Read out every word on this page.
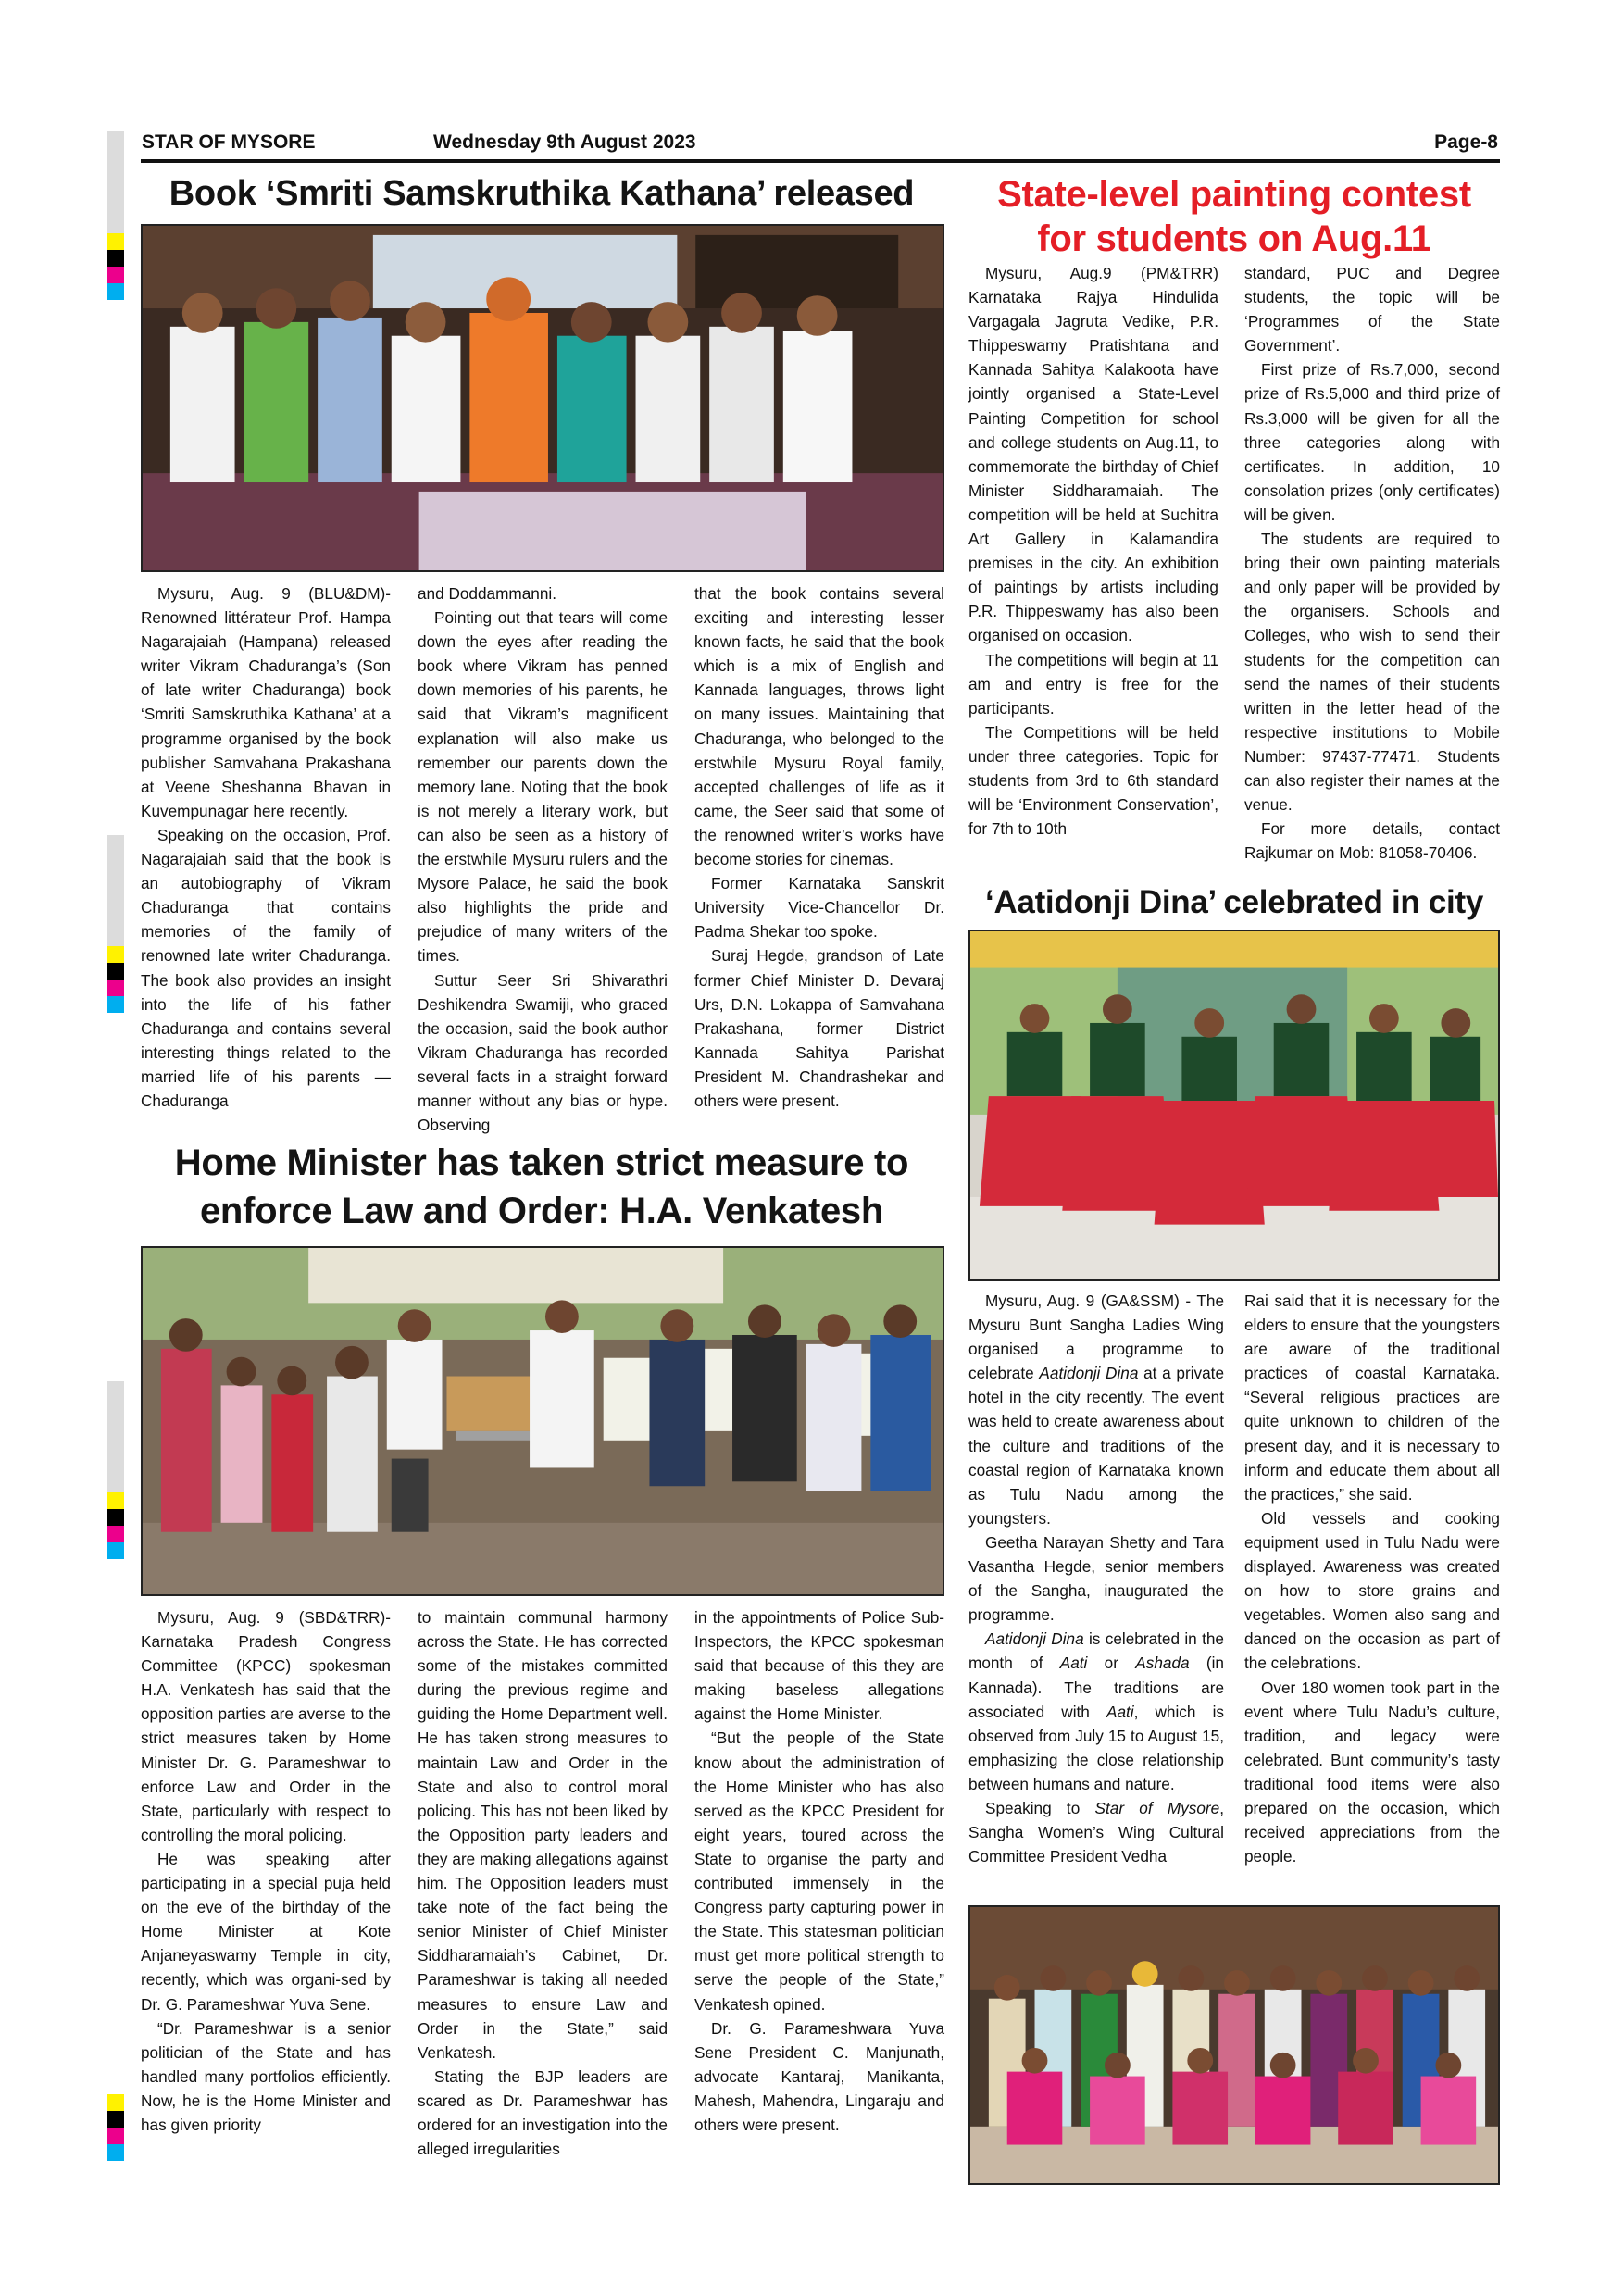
STAR OF MYSORE	Wednesday 9th August 2023	Page-8
Book ‘Smriti Samskruthika Kathana’ released

Mysuru, Aug. 9 (BLU&DM)- Renowned littérateur Prof. Hampa Nagarajaiah (Hampana) released writer Vikram Chaduranga’s (Son of late writer Chaduranga) book ‘Smriti Samskruthika Kathana’ at a programme organised by the book publisher Samvahana Prakashana at Veene Sheshanna Bhavan in Kuvempunagar here recently.

Speaking on the occasion, Prof. Nagarajaiah said that the book is an autobiography of Vikram Chaduranga that contains memories of the family of renowned late writer Chaduranga. The book also provides an insight into the life of his father Chaduranga and contains several interesting things related to the married life of his parents — Chaduranga

and Doddammanni.

Pointing out that tears will come down the eyes after reading the book where Vikram has penned down memories of his parents, he said that Vikram’s magnificent explanation will also make us remember our parents down the memory lane. Noting that the book is not merely a literary work, but can also be seen as a history of the erstwhile Mysuru rulers and the Mysore Palace, he said the book also highlights the pride and prejudice of many writers of the times.

Suttur Seer Sri Shivarathri Deshikendra Swamiji, who graced the occasion, said the book author Vikram Chaduranga has recorded several facts in a straight forward manner without any bias or hype. Observing

that the book contains several exciting and interesting lesser known facts, he said that the book which is a mix of English and Kannada languages, throws light on many issues. Maintaining that Chaduranga, who belonged to the erstwhile Mysuru Royal family, accepted challenges of life as it came, the Seer said that some of the renowned writer’s works have become stories for cinemas.

Former Karnataka Sanskrit University Vice-Chancellor Dr. Padma Shekar too spoke.

Suraj Hegde, grandson of Late former Chief Minister D. Devaraj Urs, D.N. Lokappa of Samvahana Prakashana, former District Kannada Sahitya Parishat President M. Chandrashekar and others were present.

State-level painting contest
for students on Aug.11

Mysuru, Aug.9 (PM&TRR) Karnataka Rajya Hindulida Vargagala Jagruta Vedike, P.R. Thippeswamy Pratishtana and Kannada Sahitya Kalakoota have jointly organised a State-Level Painting Competition for school and college students on Aug.11, to commemorate the birthday of Chief Minister Siddharamaiah. The competition will be held at Suchitra Art Gallery in Kalamandira premises in the city. An exhibition of paintings by artists including P.R. Thippeswamy has also been organised on occasion.

The competitions will begin at 11 am and entry is free for the participants.

The Competitions will be held under three categories. Topic for students from 3rd to 6th standard will be ‘Environment Conservation’, for 7th to 10th

standard, PUC and Degree students, the topic will be ‘Programmes of the State Government’.

First prize of Rs.7,000, second prize of Rs.5,000 and third prize of Rs.3,000 will be given for all the three categories along with certificates. In addition, 10 consolation prizes (only certificates) will be given.

The students are required to bring their own painting materials and only paper will be provided by the organisers. Schools and Colleges, who wish to send their students for the competition can send the names of their students written in the letter head of the respective institutions to Mobile Number: 97437-77471. Students can also register their names at the venue.

For more details, contact Rajkumar on Mob: 81058-70406.

‘Aatidonji Dina’ celebrated in city

Mysuru, Aug. 9 (GA&SSM) - The Mysuru Bunt Sangha Ladies Wing organised a programme to celebrate Aatidonji Dina at a private hotel in the city recently. The event was held to create awareness about the culture and traditions of the coastal region of Karnataka known as Tulu Nadu among the youngsters.

Geetha Narayan Shetty and Tara Vasantha Hegde, senior members of the Sangha, inaugurated the programme.

Aatidonji Dina is celebrated in the month of Aati or Ashada (in Kannada). The traditions are associated with Aati, which is observed from July 15 to August 15, emphasizing the close relationship between humans and nature.

Speaking to Star of Mysore, Sangha Women’s Wing Cultural Committee President Vedha

Rai said that it is necessary for the elders to ensure that the youngsters are aware of the traditional practices of coastal Karnataka. “Several religious practices are quite unknown to children of the present day, and it is necessary to inform and educate them about all the practices,” she said.

Old vessels and cooking equipment used in Tulu Nadu were displayed. Awareness was created on how to store grains and vegetables. Women also sang and danced on the occasion as part of the celebrations.

Over 180 women took part in the event where Tulu Nadu’s culture, tradition, and legacy were celebrated. Bunt community’s tasty traditional food items were also prepared on the occasion, which received appreciations from the people.

Home Minister has taken strict measure to
enforce Law and Order: H.A. Venkatesh

Mysuru, Aug. 9 (SBD&TRR)- Karnataka Pradesh Congress Committee (KPCC) spokesman H.A. Venkatesh has said that the opposition parties are averse to the strict measures taken by Home Minister Dr. G. Parameshwar to enforce Law and Order in the State, particularly with respect to controlling the moral policing.

He was speaking after participating in a special puja held on the eve of the birthday of the Home Minister at Kote Anjaneyaswamy Temple in city, recently, which was organi-sed by Dr. G. Parameshwar Yuva Sene.

“Dr. Parameshwar is a senior politician of the State and has handled many portfolios efficiently. Now, he is the Home Minister and has given priority

to maintain communal harmony across the State. He has corrected some of the mistakes committed during the previous regime and guiding the Home Department well. He has taken strong measures to maintain Law and Order in the State and also to control moral policing. This has not been liked by the Opposition party leaders and they are making allegations against him. The Opposition leaders must take note of the fact being the senior Minister of Chief Minister Siddharamaiah’s Cabinet, Dr. Parameshwar is taking all needed measures to ensure Law and Order in the State,” said Venkatesh.

Stating the BJP leaders are scared as Dr. Parameshwar has ordered for an investigation into the alleged irregularities

in the appointments of Police Sub-Inspectors, the KPCC spokesman said that because of this they are making baseless allegations against the Home Minister.

“But the people of the State know about the administration of the Home Minister who has also served as the KPCC President for eight years, toured across the State to organise the party and contributed immensely in the Congress party capturing power in the State. This statesman politician must get more political strength to serve the people of the State,” Venkatesh opined.

Dr. G. Parameshwara Yuva Sene President C. Manjunath, advocate Kantaraj, Manikanta, Mahesh, Mahendra, Lingaraju and others were present.
